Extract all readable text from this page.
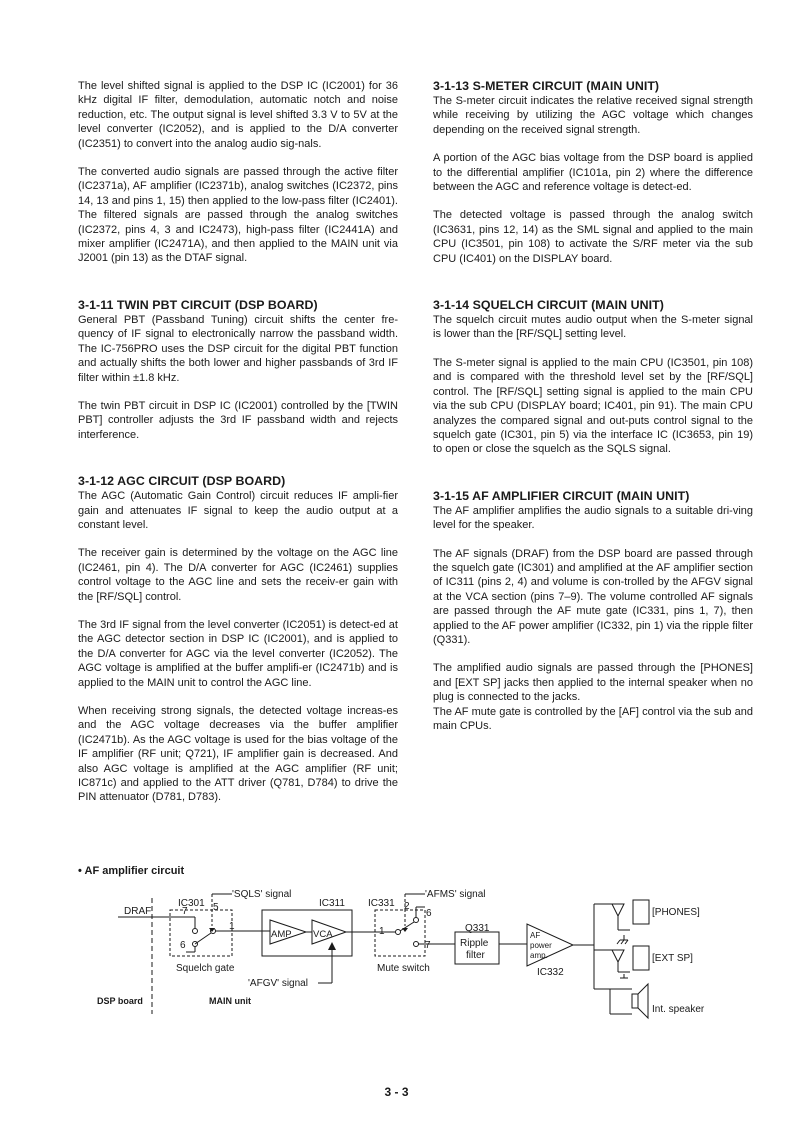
The level shifted signal is applied to the DSP IC (IC2001) for 36 kHz digital IF filter, demodulation, automatic notch and noise reduction, etc. The output signal is level shifted 3.3 V to 5V at the level converter (IC2052), and is applied to the D/A converter (IC2351) to convert into the analog audio sig-nals.

The converted audio signals are passed through the active filter (IC2371a), AF amplifier (IC2371b), analog switches (IC2372, pins 14, 13 and pins 1, 15) then applied to the low-pass filter (IC2401). The filtered signals are passed through the analog switches (IC2372, pins 4, 3 and IC2473), high-pass filter (IC2441A) and mixer amplifier (IC2471A), and then applied to the MAIN unit via J2001 (pin 13) as the DTAF signal.

3-1-11 TWIN PBT CIRCUIT (DSP BOARD)

General PBT (Passband Tuning) circuit shifts the center fre-quency of IF signal to electronically narrow the passband width. The IC-756PRO uses the DSP circuit for the digital PBT function and actually shifts the both lower and higher passbands of 3rd IF filter within ±1.8 kHz.

The twin PBT circuit in DSP IC (IC2001) controlled by the [TWIN PBT] controller adjusts the 3rd IF passband width and rejects interference.

3-1-12 AGC CIRCUIT (DSP BOARD)

The AGC (Automatic Gain Control) circuit reduces IF ampli-fier gain and attenuates IF signal to keep the audio output at a constant level.

The receiver gain is determined by the voltage on the AGC line (IC2461, pin 4). The D/A converter for AGC (IC2461) supplies control voltage to the AGC line and sets the receiv-er gain with the [RF/SQL] control.

The 3rd IF signal from the level converter (IC2051) is detect-ed at the AGC detector section in DSP IC (IC2001), and is applied to the D/A converter for AGC via the level converter (IC2052). The AGC voltage is amplified at the buffer amplifi-er (IC2471b) and is applied to the MAIN unit to control the AGC line.

When receiving strong signals, the detected voltage increas-es and the AGC voltage decreases via the buffer amplifier (IC2471b). As the AGC voltage is used for the bias voltage of the IF amplifier (RF unit; Q721), IF amplifier gain is decreased. And also AGC voltage is amplified at the AGC amplifier (RF unit; IC871c) and applied to the ATT driver (Q781, D784) to drive the PIN attenuator (D781, D783).

3-1-13 S-METER CIRCUIT (MAIN UNIT)

The S-meter circuit indicates the relative received signal strength while receiving by utilizing the AGC voltage which changes depending on the received signal strength.

A portion of the AGC bias voltage from the DSP board is applied to the differential amplifier (IC101a, pin 2) where the difference between the AGC and reference voltage is detect-ed.

The detected voltage is passed through the analog switch (IC3631, pins 12, 14) as the SML signal and applied to the main CPU (IC3501, pin 108) to activate the S/RF meter via the sub CPU (IC401) on the DISPLAY board.

3-1-14 SQUELCH CIRCUIT (MAIN UNIT)

The squelch circuit mutes audio output when the S-meter signal is lower than the [RF/SQL] setting level.

The S-meter signal is applied to the main CPU (IC3501, pin 108) and is compared with the threshold level set by the [RF/SQL] control. The [RF/SQL] setting signal is applied to the main CPU via the sub CPU (DISPLAY board; IC401, pin 91). The main CPU analyzes the compared signal and out-puts control signal to the squelch gate (IC301, pin 5) via the interface IC (IC3653, pin 19) to open or close the squelch as the SQLS signal.

3-1-15 AF AMPLIFIER CIRCUIT (MAIN UNIT)

The AF amplifier amplifies the audio signals to a suitable dri-ving level for the speaker.

The AF signals (DRAF) from the DSP board are passed through the squelch gate (IC301) and amplified at the AF amplifier section of IC311 (pins 2, 4) and volume is con-trolled by the AFGV signal at the VCA section (pins 7–9). The volume controlled AF signals are passed through the AF mute gate (IC331, pins 1, 7), then applied to the AF power amplifier (IC332, pin 1) via the ripple filter (Q331).

The amplified audio signals are passed through the [PHONES] and [EXT SP] jacks then applied to the internal speaker when no plug is connected to the jacks.

The AF mute gate is controlled by the [AF] control via the sub and main CPUs.

• AF amplifier circuit
DRAF
IC301
'SQLS' signal
IC311 IC331
'AFMS' signal
5
7
1
6
AMP VCA
2
6
1
7
Q331
Ripple
filter
AF
power
amp.
IC332
Squelch gate
'AFGV' signal
Mute switch
DSP board	MAIN unit
[PHONES]
[EXT SP]
Int. speaker
3 - 3
